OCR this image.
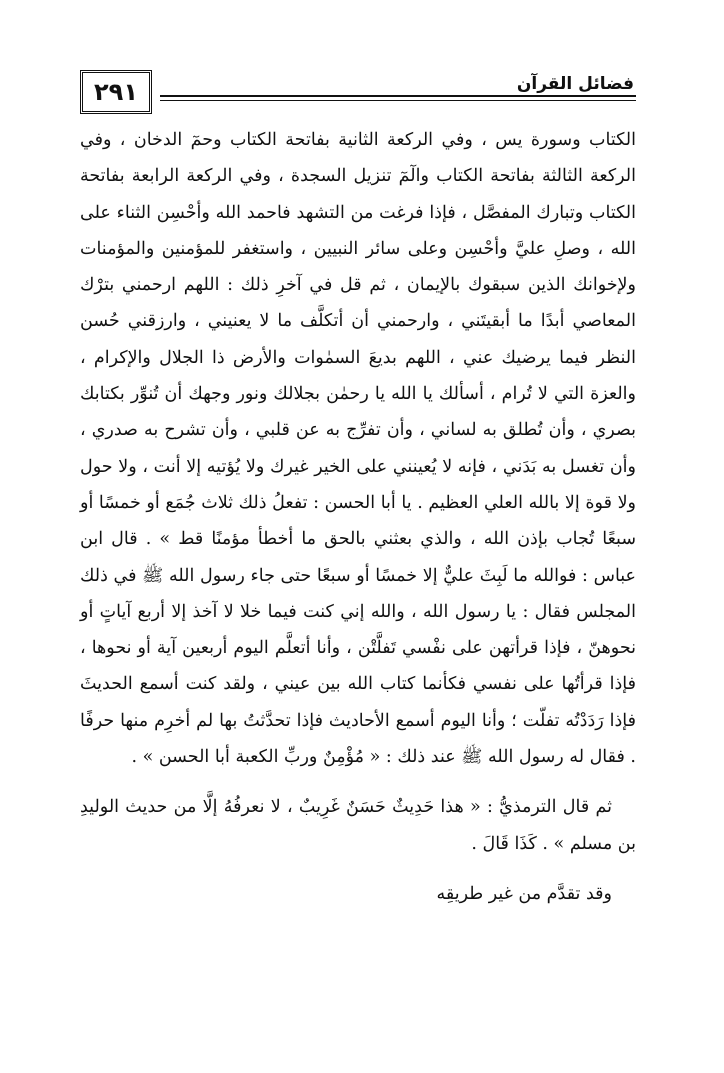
٢٩١	فضائل القرآن

الكتاب وسورة يس ، وفي الركعة الثانية بفاتحة الكتاب وحمٓ الدخان ، وفي الركعة الثالثة بفاتحة الكتاب والٓمٓ تنزيل السجدة ، وفي الركعة الرابعة بفاتحة الكتاب وتبارك المفصَّل ، فإذا فرغت من التشهد فاحمد الله وأحْسِن الثناء على الله ، وصلِ عليَّ وأحْسِن وعلى سائر النبيين ، واستغفر للمؤمنين والمؤمنات ولإخوانك الذين سبقوك بالإيمان ، ثم قل في آخرِ ذلك : اللهم ارحمني بترْك المعاصي أبدًا ما أبقيتَني ، وارحمني أن أتكلَّف ما لا يعنيني ، وارزقني حُسن النظر فيما يرضيك عني ، اللهم بديعَ السمٰوات والأرض ذا الجلال والإكرام ، والعزة التي لا تُرام ، أسألك يا الله يا رحمٰن بجلالك ونور وجهك أن تُنوِّر بكتابك بصري ، وأن تُطلق به لساني ، وأن تفرِّج به عن قلبي ، وأن تشرح به صدري ، وأن تغسل به بَدَني ، فإنه لا يُعينني على الخير غيرك ولا يُؤتيه إلا أنت ، ولا حول ولا قوة إلا بالله العلي العظيم . يا أبا الحسن : تفعلُ ذلك ثلاث جُمَع أو خمسًا أو سبعًا تُجاب بإذن الله ، والذي بعثني بالحق ما أخطأ مؤمنًا قط » . قال ابن عباس : فوالله ما لَبِثَ عليٌّ إلا خمسًا أو سبعًا حتى جاء رسول الله ﷺ في ذلك المجلس فقال : يا رسول الله ، والله إني كنت فيما خلا لا آخذ إلا أربع آياتٍ أو نحوهنّ ، فإذا قرأتهن على نفْسي تَفلَّتْن ، وأنا أتعلَّم اليوم أربعين آية أو نحوها ، فإذا قرأتُها على نفسي فكأنما كتاب الله بين عيني ، ولقد كنت أسمع الحديثَ فإذا رَدَدْتُه تفلّت ؛ وأنا اليوم أسمع الأحاديث فإذا تحدَّثتُ بها لم أخرِم منها حرفًا . فقال له رسول الله ﷺ عند ذلك : « مُؤْمِنٌ وربِّ الكعبة أبا الحسن » .

ثم قال الترمذيُّ : « هذا حَدِيثٌ حَسَنٌ غَرِيبٌ ، لا نعرفُهُ إلَّا من حديث الوليدِ بن مسلم » . كَذَا قَالَ .

وقد تقدَّم من غير طريقِه
